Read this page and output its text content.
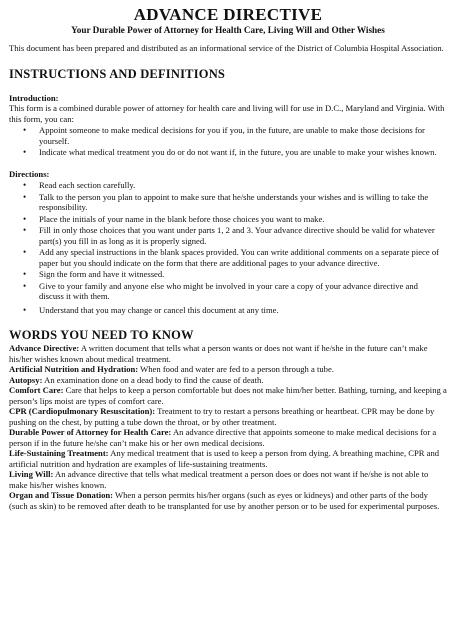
ADVANCE DIRECTIVE
Your Durable Power of Attorney for Health Care, Living Will and Other Wishes
This document has been prepared and distributed as an informational service of the District of Columbia Hospital Association.
INSTRUCTIONS AND DEFINITIONS
Introduction:
This form is a combined durable power of attorney for health care and living will for use in D.C., Maryland and Virginia. With this form, you can:
• Appoint someone to make medical decisions for you if you, in the future, are unable to make those decisions for yourself.
• Indicate what medical treatment you do or do not want if, in the future, you are unable to make your wishes known.
Directions:
• Read each section carefully.
• Talk to the person you plan to appoint to make sure that he/she understands your wishes and is willing to take the responsibility.
• Place the initials of your name in the blank before those choices you want to make.
• Fill in only those choices that you want under parts 1, 2 and 3. Your advance directive should be valid for whatever part(s) you fill in as long as it is properly signed.
• Add any special instructions in the blank spaces provided. You can write additional comments on a separate piece of paper but you should indicate on the form that there are additional pages to your advance directive.
• Sign the form and have it witnessed.
• Give to your family and anyone else who might be involved in your care a copy of your advance directive and discuss it with them.
• Understand that you may change or cancel this document at any time.
WORDS YOU NEED TO KNOW

Advance Directive: A written document that tells what a person wants or does not want if he/she in the future can’t make his/her wishes known about medical treatment.

Artificial Nutrition and Hydration: When food and water are fed to a person through a tube.

Autopsy: An examination done on a dead body to find the cause of death.

Comfort Care: Care that helps to keep a person comfortable but does not make him/her better. Bathing, turning, and keeping a person’s lips moist are types of comfort care.

CPR (Cardiopulmonary Resuscitation): Treatment to try to restart a persons breathing or heartbeat. CPR may be done by pushing on the chest, by putting a tube down the throat, or by other treatment.

Durable Power of Attorney for Health Care: An advance directive that appoints someone to make medical decisions for a person if in the future he/she can’t make his or her own medical decisions.

Life-Sustaining Treatment: Any medical treatment that is used to keep a person from dying. A breathing machine, CPR and artificial nutrition and hydration are examples of life-sustaining treatments.

Living Will: An advance directive that tells what medical treatment a person does or does not want if he/she is not able to make his/her wishes known.

Organ and Tissue Donation: When a person permits his/her organs (such as eyes or kidneys) and other parts of the body (such as skin) to be removed after death to be transplanted for use by another person or to be used for experimental purposes.
